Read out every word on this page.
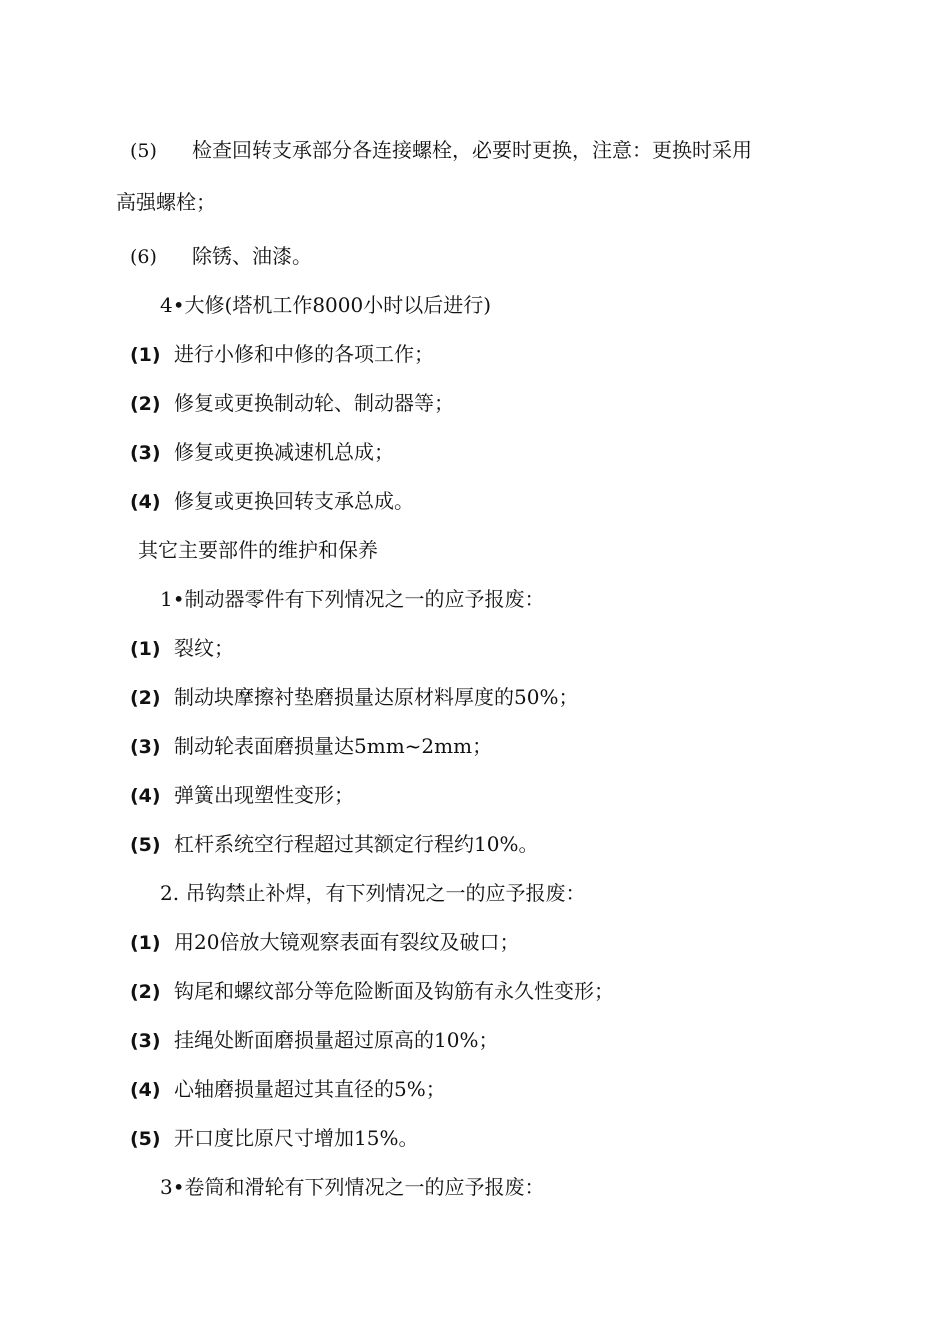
(5) 检查回转支承部分各连接螺栓，必要时更换，注意：更换时采用
高强螺栓；
(6) 除锈、油漆。
4•大修(塔机工作8000小时以后进行)
(1) 进行小修和中修的各项工作；
(2) 修复或更换制动轮、制动器等；
(3) 修复或更换减速机总成；
(4) 修复或更换回转支承总成。
其它主要部件的维护和保养
1•制动器零件有下列情况之一的应予报废：
(1) 裂纹；
(2) 制动块摩擦衬垫磨损量达原材料厚度的50%；
(3) 制动轮表面磨损量达5mm~2mm；
(4) 弹簧出现塑性变形；
(5) 杠杆系统空行程超过其额定行程约10%。
2. 吊钩禁止补焊，有下列情况之一的应予报废：
(1) 用20倍放大镜观察表面有裂纹及破口；
(2) 钩尾和螺纹部分等危险断面及钩筋有永久性变形；
(3) 挂绳处断面磨损量超过原高的10%；
(4) 心轴磨损量超过其直径的5%；
(5) 开口度比原尺寸增加15%。
3•卷筒和滑轮有下列情况之一的应予报废：
